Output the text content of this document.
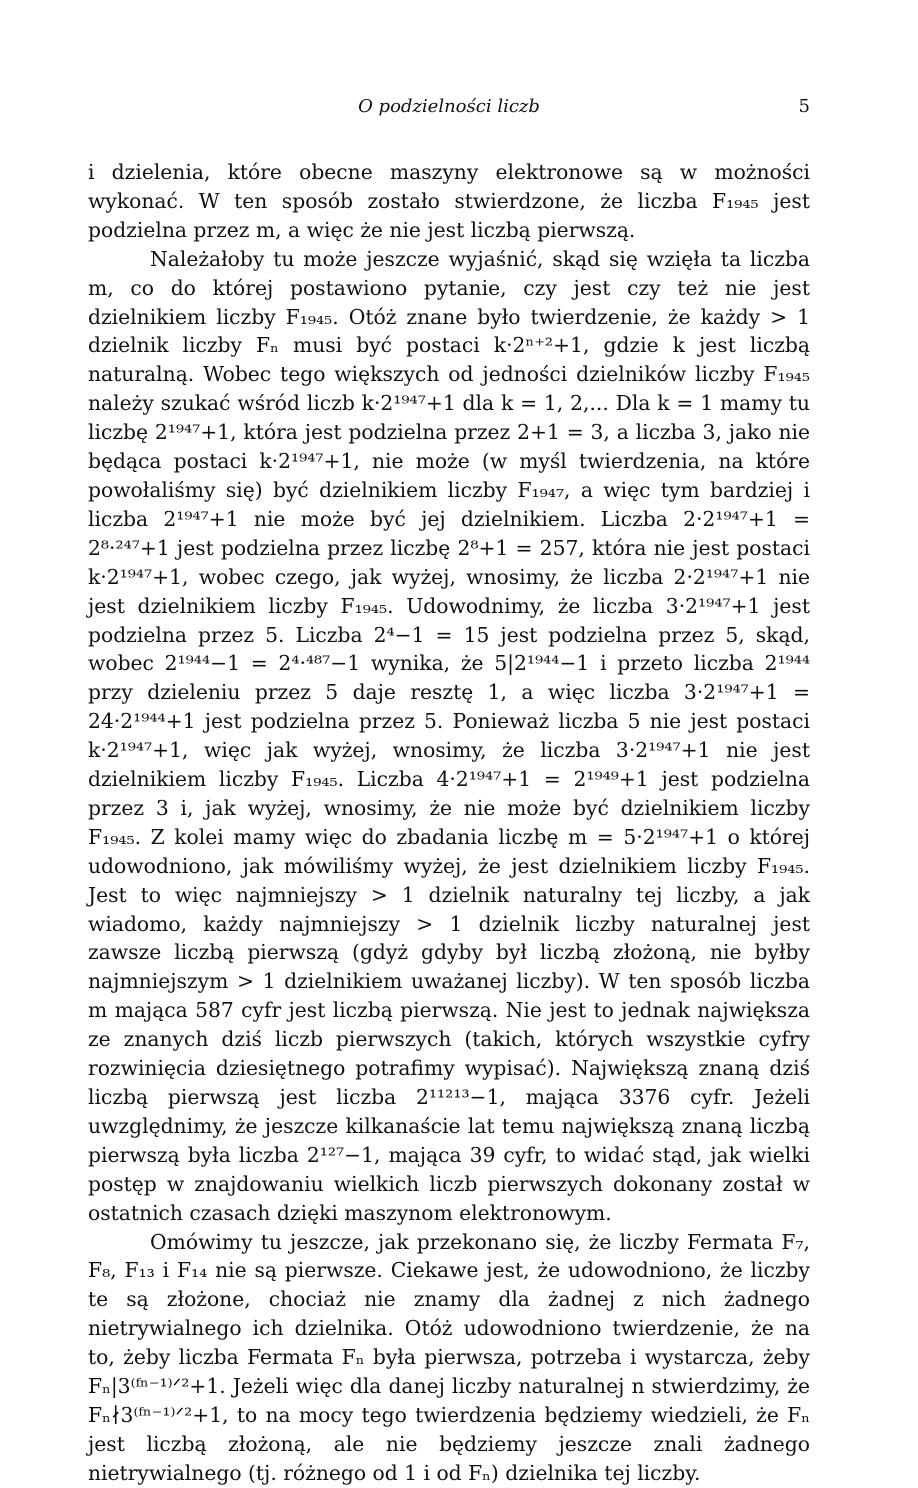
O podzielności liczb	5

i dzielenia, które obecne maszyny elektronowe są w możności wykonać. W ten sposób zostało stwierdzone, że liczba F₁₉₄₅ jest podzielna przez m, a więc że nie jest liczbą pierwszą.

Należałoby tu może jeszcze wyjaśnić, skąd się wzięła ta liczba m, co do której postawiono pytanie, czy jest czy też nie jest dzielnikiem liczby F₁₉₄₅. Otóż znane było twierdzenie, że każdy > 1 dzielnik liczby Fₙ musi być postaci k·2ⁿ⁺²+1, gdzie k jest liczbą naturalną. Wobec tego większych od jedności dzielników liczby F₁₉₄₅ należy szukać wśród liczb k·2¹⁹⁴⁷+1 dla k = 1, 2,... Dla k = 1 mamy tu liczbę 2¹⁹⁴⁷+1, która jest podzielna przez 2+1 = 3, a liczba 3, jako nie będąca postaci k·2¹⁹⁴⁷+1, nie może (w myśl twierdzenia, na które powołaliśmy się) być dzielnikiem liczby F₁₉₄₇, a więc tym bardziej i liczba 2¹⁹⁴⁷+1 nie może być jej dzielnikiem. Liczba 2·2¹⁹⁴⁷+1 = 2⁸·²⁴⁷+1 jest podzielna przez liczbę 2⁸+1 = 257, która nie jest postaci k·2¹⁹⁴⁷+1, wobec czego, jak wyżej, wnosimy, że liczba 2·2¹⁹⁴⁷+1 nie jest dzielnikiem liczby F₁₉₄₅. Udowodnimy, że liczba 3·2¹⁹⁴⁷+1 jest podzielna przez 5. Liczba 2⁴−1 = 15 jest podzielna przez 5, skąd, wobec 2¹⁹⁴⁴−1 = 2⁴·⁴⁸⁷−1 wynika, że 5|2¹⁹⁴⁴−1 i przeto liczba 2¹⁹⁴⁴ przy dzieleniu przez 5 daje resztę 1, a więc liczba 3·2¹⁹⁴⁷+1 = 24·2¹⁹⁴⁴+1 jest podzielna przez 5. Ponieważ liczba 5 nie jest postaci k·2¹⁹⁴⁷+1, więc jak wyżej, wnosimy, że liczba 3·2¹⁹⁴⁷+1 nie jest dzielnikiem liczby F₁₉₄₅. Liczba 4·2¹⁹⁴⁷+1 = 2¹⁹⁴⁹+1 jest podzielna przez 3 i, jak wyżej, wnosimy, że nie może być dzielnikiem liczby F₁₉₄₅. Z kolei mamy więc do zbadania liczbę m = 5·2¹⁹⁴⁷+1 o której udowodniono, jak mówiliśmy wyżej, że jest dzielnikiem liczby F₁₉₄₅. Jest to więc najmniejszy > 1 dzielnik naturalny tej liczby, a jak wiadomo, każdy najmniejszy > 1 dzielnik liczby naturalnej jest zawsze liczbą pierwszą (gdyż gdyby był liczbą złożoną, nie byłby najmniejszym > 1 dzielnikiem uważanej liczby). W ten sposób liczba m mająca 587 cyfr jest liczbą pierwszą. Nie jest to jednak największa ze znanych dziś liczb pierwszych (takich, których wszystkie cyfry rozwinięcia dziesiętnego potrafimy wypisać). Największą znaną dziś liczbą pierwszą jest liczba 2¹¹²¹³−1, mająca 3376 cyfr. Jeżeli uwzględnimy, że jeszcze kilkanaście lat temu największą znaną liczbą pierwszą była liczba 2¹²⁷−1, mająca 39 cyfr, to widać stąd, jak wielki postęp w znajdowaniu wielkich liczb pierwszych dokonany został w ostatnich czasach dzięki maszynom elektronowym.

Omówimy tu jeszcze, jak przekonano się, że liczby Fermata F₇, F₈, F₁₃ i F₁₄ nie są pierwsze. Ciekawe jest, że udowodniono, że liczby te są złożone, chociaż nie znamy dla żadnej z nich żadnego nietrywialnego ich dzielnika. Otóż udowodniono twierdzenie, że na to, żeby liczba Fermata Fₙ była pierwsza, potrzeba i wystarcza, żeby Fₙ|3⁽ᶠⁿ⁻¹⁾ᐟ²+1. Jeżeli więc dla danej liczby naturalnej n stwierdzimy, że Fₙ∤3⁽ᶠⁿ⁻¹⁾ᐟ²+1, to na mocy tego twierdzenia będziemy wiedzieli, że Fₙ jest liczbą złożoną, ale nie będziemy jeszcze znali żadnego nietrywialnego (tj. różnego od 1 i od Fₙ) dzielnika tej liczby.
